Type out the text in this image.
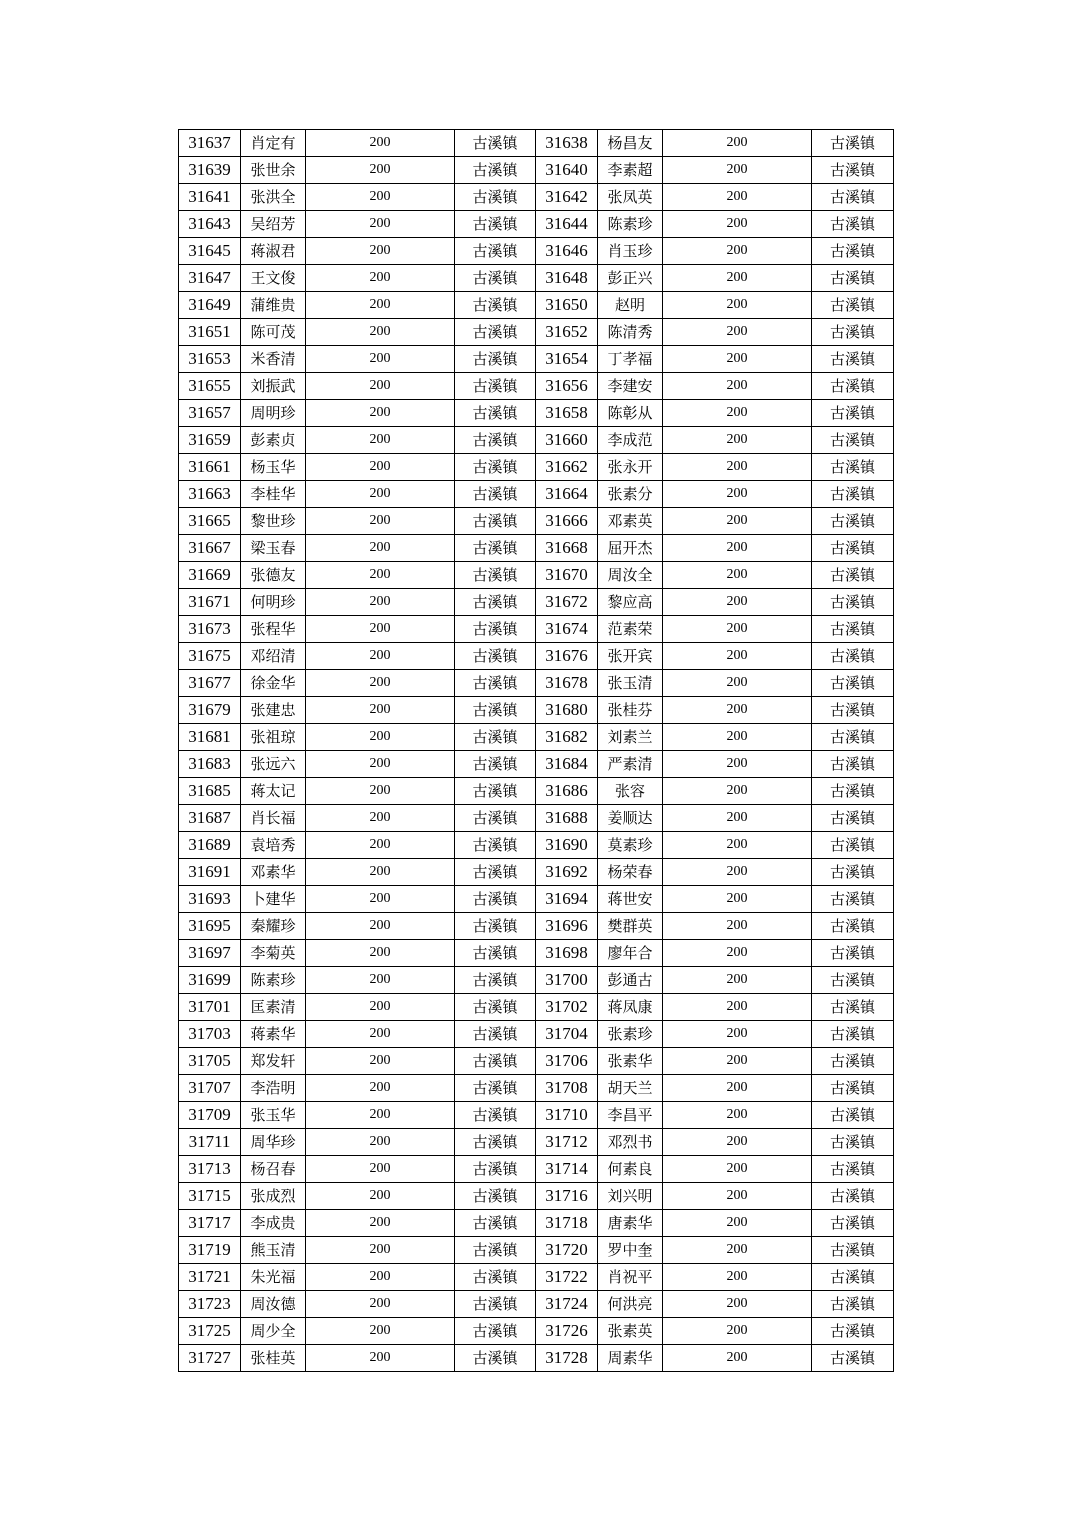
31637	肖定有	200	古溪镇	31638	杨昌友	200	古溪镇
31639	张世余	200	古溪镇	31640	李素超	200	古溪镇
31641	张洪全	200	古溪镇	31642	张凤英	200	古溪镇
31643	吴绍芳	200	古溪镇	31644	陈素珍	200	古溪镇
31645	蒋淑君	200	古溪镇	31646	肖玉珍	200	古溪镇
31647	王文俊	200	古溪镇	31648	彭正兴	200	古溪镇
31649	蒲维贵	200	古溪镇	31650	赵明	200	古溪镇
31651	陈可茂	200	古溪镇	31652	陈清秀	200	古溪镇
31653	米香清	200	古溪镇	31654	丁孝福	200	古溪镇
31655	刘振武	200	古溪镇	31656	李建安	200	古溪镇
31657	周明珍	200	古溪镇	31658	陈彰从	200	古溪镇
31659	彭素贞	200	古溪镇	31660	李成范	200	古溪镇
31661	杨玉华	200	古溪镇	31662	张永开	200	古溪镇
31663	李桂华	200	古溪镇	31664	张素分	200	古溪镇
31665	黎世珍	200	古溪镇	31666	邓素英	200	古溪镇
31667	梁玉春	200	古溪镇	31668	屈开杰	200	古溪镇
31669	张德友	200	古溪镇	31670	周汝全	200	古溪镇
31671	何明珍	200	古溪镇	31672	黎应高	200	古溪镇
31673	张程华	200	古溪镇	31674	范素荣	200	古溪镇
31675	邓绍清	200	古溪镇	31676	张开宾	200	古溪镇
31677	徐金华	200	古溪镇	31678	张玉清	200	古溪镇
31679	张建忠	200	古溪镇	31680	张桂芬	200	古溪镇
31681	张祖琼	200	古溪镇	31682	刘素兰	200	古溪镇
31683	张远六	200	古溪镇	31684	严素清	200	古溪镇
31685	蒋太记	200	古溪镇	31686	张容	200	古溪镇
31687	肖长福	200	古溪镇	31688	姜顺达	200	古溪镇
31689	袁培秀	200	古溪镇	31690	莫素珍	200	古溪镇
31691	邓素华	200	古溪镇	31692	杨荣春	200	古溪镇
31693	卜建华	200	古溪镇	31694	蒋世安	200	古溪镇
31695	秦耀珍	200	古溪镇	31696	樊群英	200	古溪镇
31697	李菊英	200	古溪镇	31698	廖年合	200	古溪镇
31699	陈素珍	200	古溪镇	31700	彭通古	200	古溪镇
31701	匡素清	200	古溪镇	31702	蒋凤康	200	古溪镇
31703	蒋素华	200	古溪镇	31704	张素珍	200	古溪镇
31705	郑发轩	200	古溪镇	31706	张素华	200	古溪镇
31707	李浩明	200	古溪镇	31708	胡天兰	200	古溪镇
31709	张玉华	200	古溪镇	31710	李昌平	200	古溪镇
31711	周华珍	200	古溪镇	31712	邓烈书	200	古溪镇
31713	杨召春	200	古溪镇	31714	何素良	200	古溪镇
31715	张成烈	200	古溪镇	31716	刘兴明	200	古溪镇
31717	李成贵	200	古溪镇	31718	唐素华	200	古溪镇
31719	熊玉清	200	古溪镇	31720	罗中奎	200	古溪镇
31721	朱光福	200	古溪镇	31722	肖祝平	200	古溪镇
31723	周汝德	200	古溪镇	31724	何洪亮	200	古溪镇
31725	周少全	200	古溪镇	31726	张素英	200	古溪镇
31727	张桂英	200	古溪镇	31728	周素华	200	古溪镇
